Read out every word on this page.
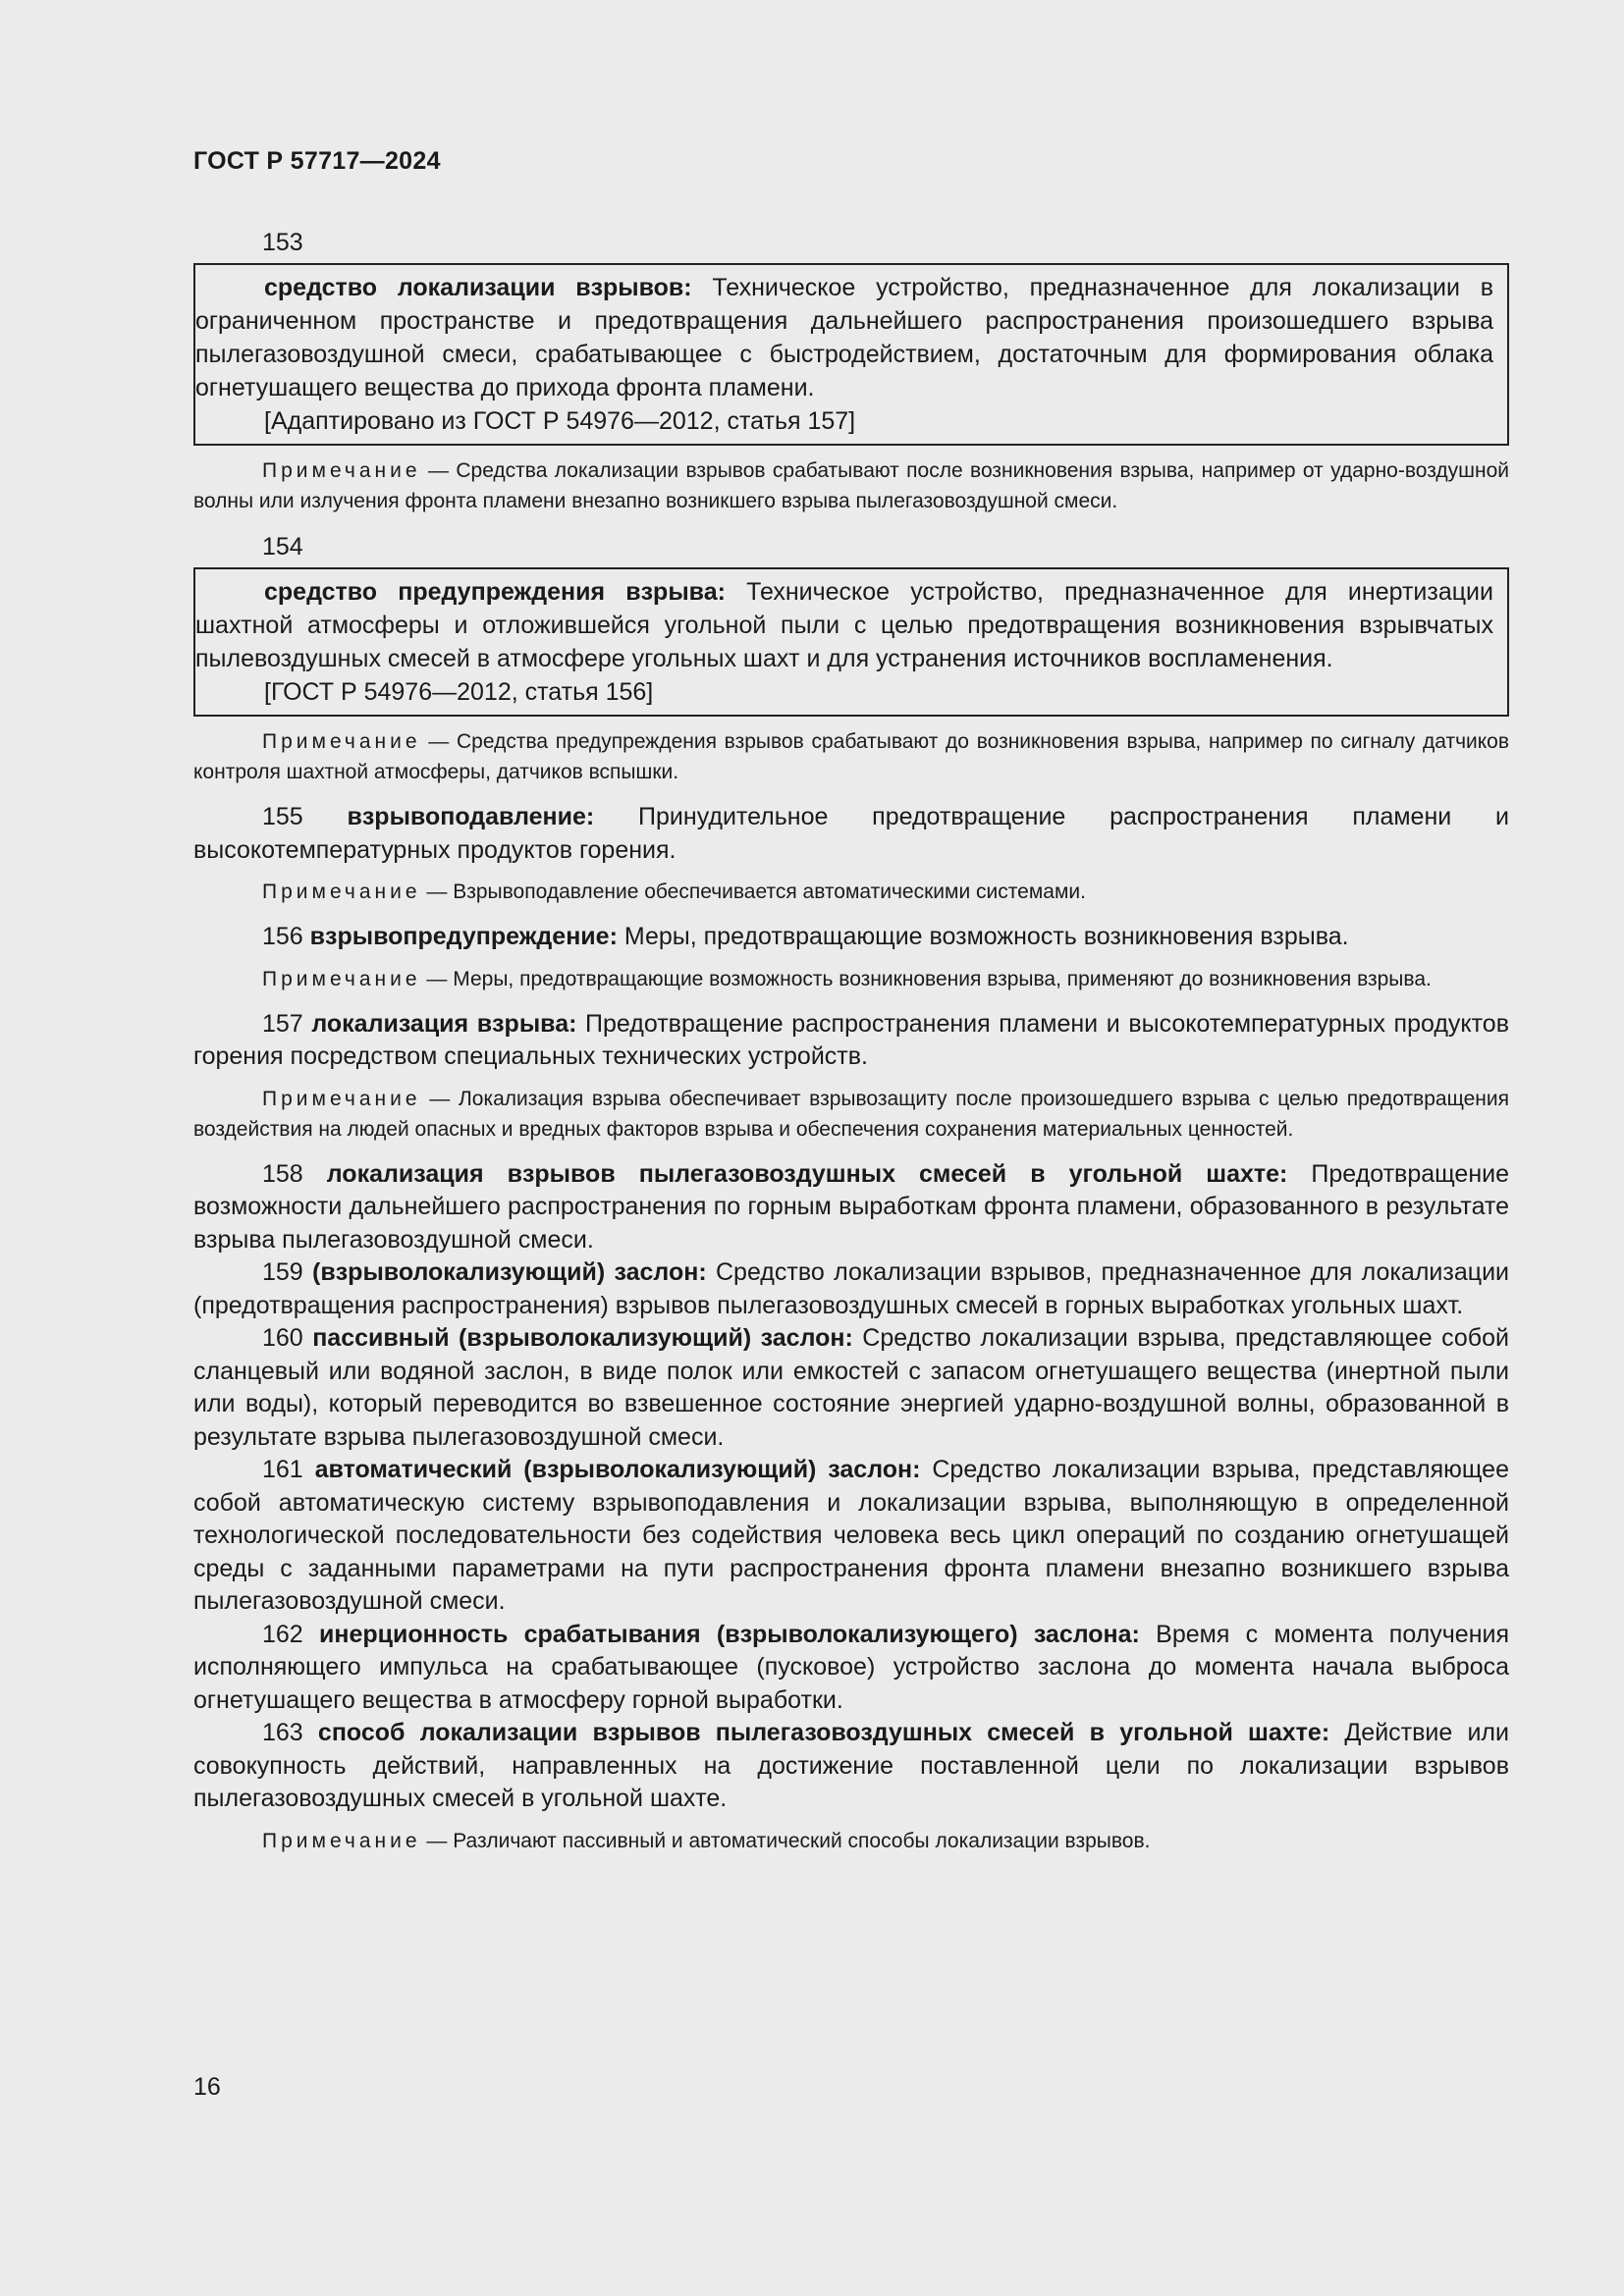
ГОСТ Р 57717—2024
153

средство локализации взрывов: Техническое устройство, предназначенное для локализации в ограниченном пространстве и предотвращения дальнейшего распространения произошедшего взрыва пылегазовоздушной смеси, срабатывающее с быстродействием, достаточным для формирования облака огнетушащего вещества до прихода фронта пламени.

[Адаптировано из ГОСТ Р 54976—2012, статья 157]

Примечание — Средства локализации взрывов срабатывают после возникновения взрыва, например от ударно-воздушной волны или излучения фронта пламени внезапно возникшего взрыва пылегазовоздушной смеси.
154

средство предупреждения взрыва: Техническое устройство, предназначенное для инертизации шахтной атмосферы и отложившейся угольной пыли с целью предотвращения возникновения взрывчатых пылевоздушных смесей в атмосфере угольных шахт и для устранения источников воспламенения.

[ГОСТ Р 54976—2012, статья 156]

Примечание — Средства предупреждения взрывов срабатывают до возникновения взрыва, например по сигналу датчиков контроля шахтной атмосферы, датчиков вспышки.

155 взрывоподавление: Принудительное предотвращение распространения пламени и высокотемпературных продуктов горения.

Примечание — Взрывоподавление обеспечивается автоматическими системами.

156 взрывопредупреждение: Меры, предотвращающие возможность возникновения взрыва.

Примечание — Меры, предотвращающие возможность возникновения взрыва, применяют до возникновения взрыва.

157 локализация взрыва: Предотвращение распространения пламени и высокотемпературных продуктов горения посредством специальных технических устройств.

Примечание — Локализация взрыва обеспечивает взрывозащиту после произошедшего взрыва с целью предотвращения воздействия на людей опасных и вредных факторов взрыва и обеспечения сохранения материальных ценностей.

158 локализация взрывов пылегазовоздушных смесей в угольной шахте: Предотвращение возможности дальнейшего распространения по горным выработкам фронта пламени, образованного в результате взрыва пылегазовоздушной смеси.

159 (взрыволокализующий) заслон: Средство локализации взрывов, предназначенное для локализации (предотвращения распространения) взрывов пылегазовоздушных смесей в горных выработках угольных шахт.

160 пассивный (взрыволокализующий) заслон: Средство локализации взрыва, представляющее собой сланцевый или водяной заслон, в виде полок или емкостей с запасом огнетушащего вещества (инертной пыли или воды), который переводится во взвешенное состояние энергией ударно-воздушной волны, образованной в результате взрыва пылегазовоздушной смеси.

161 автоматический (взрыволокализующий) заслон: Средство локализации взрыва, представляющее собой автоматическую систему взрывоподавления и локализации взрыва, выполняющую в определенной технологической последовательности без содействия человека весь цикл операций по созданию огнетушащей среды с заданными параметрами на пути распространения фронта пламени внезапно возникшего взрыва пылегазовоздушной смеси.

162 инерционность срабатывания (взрыволокализующего) заслона: Время с момента получения исполняющего импульса на срабатывающее (пусковое) устройство заслона до момента начала выброса огнетушащего вещества в атмосферу горной выработки.

163 способ локализации взрывов пылегазовоздушных смесей в угольной шахте: Действие или совокупность действий, направленных на достижение поставленной цели по локализации взрывов пылегазовоздушных смесей в угольной шахте.

Примечание — Различают пассивный и автоматический способы локализации взрывов.
16
